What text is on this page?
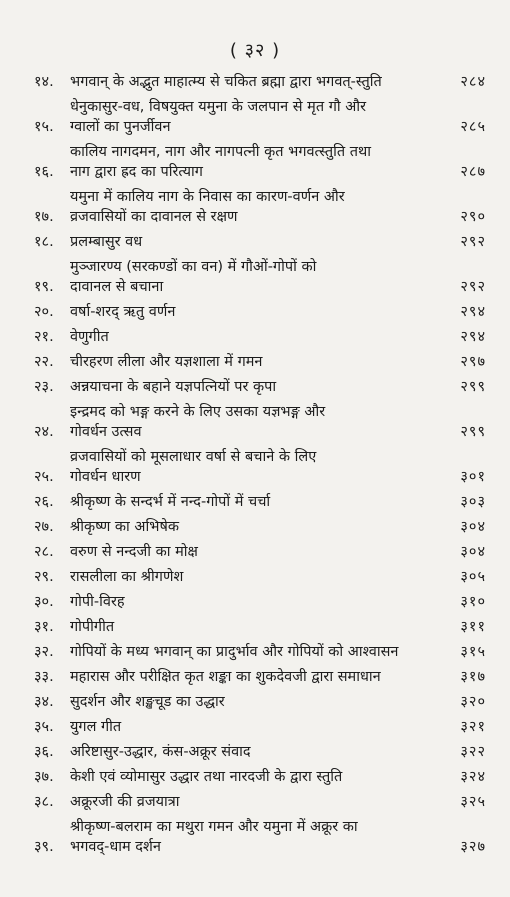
( ३२ )
१४.	भगवान् के अद्भुत माहात्म्य से चकित ब्रह्मा द्वारा भगवत्-स्तुति	२८४
१५.
धेनुकासुर-वध, विषयुक्त यमुना के जलपान से मृत गौ और
ग्वालों का पुनर्जीवन	२८५
१६.
कालिय नागदमन, नाग और नागपत्नी कृत भगवत्स्तुति तथा
नाग द्वारा ह्रद का परित्याग	२८७
१७.
यमुना में कालिय नाग के निवास का कारण-वर्णन और
व्रजवासियों का दावानल से रक्षण	२९०
१८.	प्रलम्बासुर वध	२९२
१९.
मुञ्जारण्य (सरकण्डों का वन) में गौओं-गोपों को
दावानल से बचाना	२९२
२०.	वर्षा-शरद् ऋतु वर्णन	२९४
२१.	वेणुगीत	२९४
२२.	चीरहरण लीला और यज्ञशाला में गमन	२९७
२३.	अन्नयाचना के बहाने यज्ञपत्नियों पर कृपा	२९९
२४.
इन्द्रमद को भङ्ग करने के लिए उसका यज्ञभङ्ग और
गोवर्धन उत्सव	२९९
२५.
व्रजवासियों को मूसलाधार वर्षा से बचाने के लिए
गोवर्धन धारण	३०१
२६.	श्रीकृष्ण के सन्दर्भ में नन्द-गोपों में चर्चा	३०३
२७.	श्रीकृष्ण का अभिषेक	३०४
२८.	वरुण से नन्दजी का मोक्ष	३०४
२९.	रासलीला का श्रीगणेश	३०५
३०.	गोपी-विरह	३१०
३१.	गोपीगीत	३११
३२.	गोपियों के मध्य भगवान् का प्रादुर्भाव और गोपियों को आश्वासन	३१५
३३.	महारास और परीक्षित कृत शङ्का का शुकदेवजी द्वारा समाधान	३१७
३४.	सुदर्शन और शङ्खचूड का उद्धार	३२०
३५.	युगल गीत	३२१
३६.	अरिष्टासुर-उद्धार, कंस-अक्रूर संवाद	३२२
३७.	केशी एवं व्योमासुर उद्धार तथा नारदजी के द्वारा स्तुति	३२४
३८.	अक्रूरजी की व्रजयात्रा	३२५
३९.
श्रीकृष्ण-बलराम का मथुरा गमन और यमुना में अक्रूर का
भगवद्-धाम दर्शन	३२७
